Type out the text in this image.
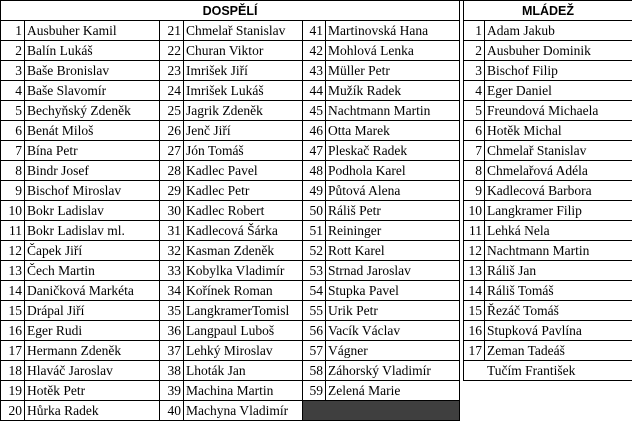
DOSPĚLÍ	MLÁDEŽ
1 Ausbuher Kamil	21 Chmelař Stanislav	41 Martinovská Hana	1 Adam Jakub
2 Balín Lukáš	22 Churan Viktor	42 Mohlová Lenka	2 Ausbuher Dominik
3 Baše Bronislav	23 Imrišek Jiří	43 Müller Petr	3 Bischof Filip
4 Baše Slavomír	24 Imrišek Lukáš	44 Mužík Radek	4 Eger Daniel
5 Bechyňský Zdeněk	25 Jagrik Zdeněk	45 Nachtmann Martin	5 Freundová Michaela
6 Benát Miloš	26 Jenč Jiří	46 Otta Marek	6 Hotěk Michal
7 Bína Petr	27 Jón Tomáš	47 Pleskač Radek	7 Chmelař Stanislav
8 Bindr Josef	28 Kadlec Pavel	48 Podhola Karel	8 Chmelařová Adéla
9 Bischof Miroslav	29 Kadlec Petr	49 Půtová Alena	9 Kadlecová Barbora
10 Bokr Ladislav	30 Kadlec Robert	50 Ráliš Petr	10 Langkramer Filip
11 Bokr Ladislav ml.	31 Kadlecová Šárka	51 Reininger	11 Lehká Nela
12 Čapek Jiří	32 Kasman Zdeněk	52 Rott Karel	12 Nachtmann Martin
13 Čech Martin	33 Kobylka Vladimír	53 Strnad Jaroslav	13 Ráliš Jan
14 Daničková Markéta	34 Kořínek Roman	54 Stupka Pavel	14 Ráliš Tomáš
15 Drápal Jiří	35 LangkramerTomisl	55 Urik Petr	15 Řezáč Tomáš
16 Eger Rudi	36 Langpaul Luboš	56 Vacík Václav	16 Stupková Pavlína
17 Hermann Zdeněk	37 Lehký Miroslav	57 Vágner	17 Zeman Tadeáš
18 Hlaváč Jaroslav	38 Lhoták Jan	58 Záhorský Vladimír	Tučím František
19 Hotěk Petr	39 Machina Martin	59 Zelená Marie
20 Hůrka Radek	40 Machyna Vladimír
